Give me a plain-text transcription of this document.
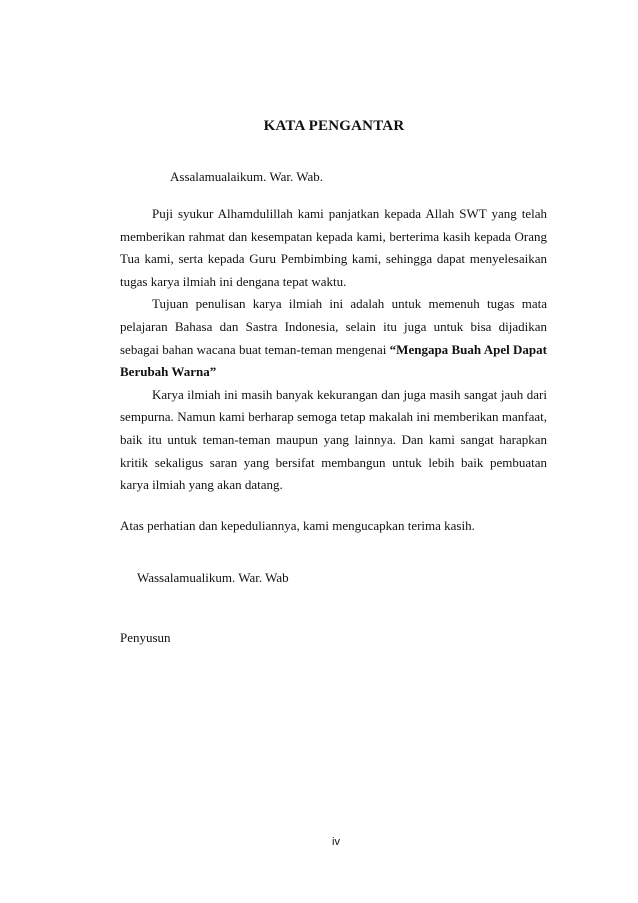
KATA PENGANTAR
Assalamualaikum. War. Wab.

Puji syukur Alhamdulillah kami panjatkan kepada Allah SWT yang telah memberikan rahmat dan kesempatan kepada kami, berterima kasih kepada Orang Tua kami, serta kepada Guru Pembimbing kami, sehingga dapat menyelesaikan tugas karya ilmiah ini dengana tepat waktu.

Tujuan penulisan karya ilmiah ini adalah untuk memenuh tugas mata pelajaran Bahasa dan Sastra Indonesia, selain itu juga untuk bisa dijadikan sebagai bahan wacana buat teman-teman mengenai “Mengapa Buah Apel Dapat Berubah Warna”

Karya ilmiah ini masih banyak kekurangan dan juga masih sangat jauh dari sempurna. Namun kami berharap semoga tetap makalah ini memberikan manfaat, baik itu untuk teman-teman maupun yang lainnya. Dan kami sangat harapkan kritik sekaligus saran yang bersifat membangun untuk lebih baik pembuatan karya ilmiah yang akan datang.

Atas perhatian dan kepeduliannya, kami mengucapkan terima kasih.
Wassalamualikum. War. Wab
Penyusun
iv
